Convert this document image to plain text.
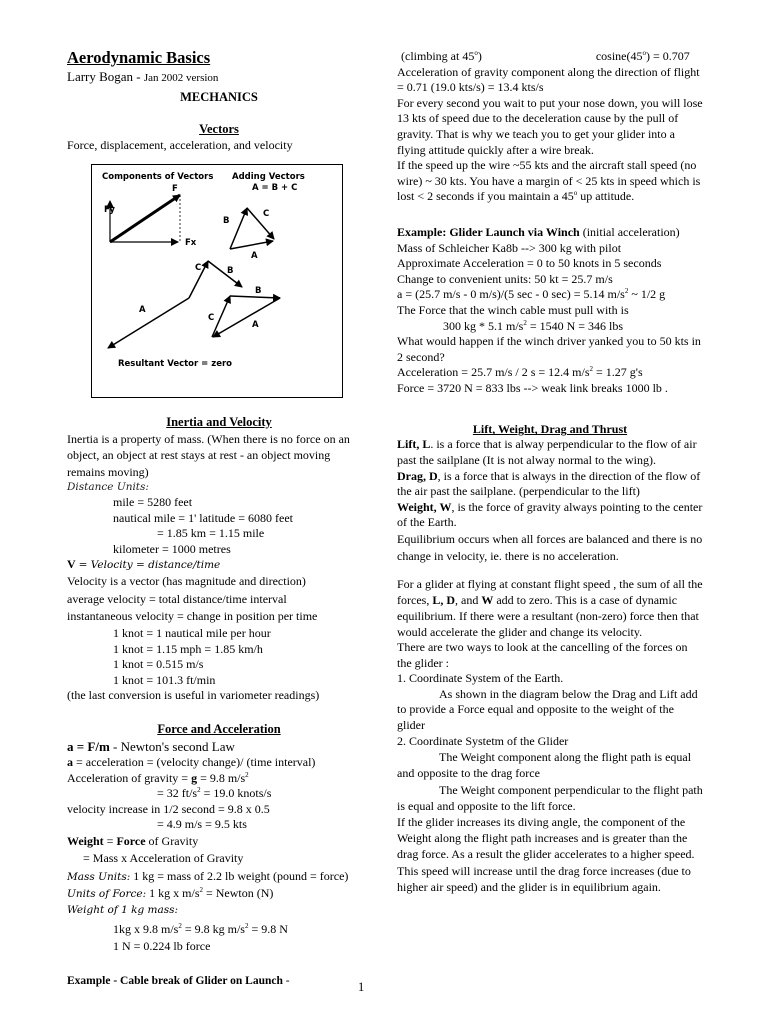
Aerodynamic Basics
Larry Bogan - Jan 2002 version
MECHANICS
Vectors
Force, displacement, acceleration, and velocity
Components of Vectors Adding Vectors
A = B + C
F
Fy
Fx
B
C
A
A
C	B
C
B
A
Resultant Vector = zero
Inertia and Velocity
Inertia is a property of mass. (When there is no force on an object, an object at rest stays at rest - an object moving remains moving)
Distance Units:
mile = 5280 feet
nautical mile = 1' latitude = 6080 feet
= 1.85 km = 1.15 mile
kilometer = 1000 metres
V = Velocity = distance/time
Velocity is a vector (has magnitude and direction)
average velocity = total distance/time interval
instantaneous velocity = change in position per time
1 knot = 1 nautical mile per hour
1 knot = 1.15 mph = 1.85 km/h
1 knot = 0.515 m/s
1 knot = 101.3 ft/min
(the last conversion is useful in variometer readings)
Force and Acceleration
a = F/m - Newton's second Law
a = acceleration = (velocity change)/ (time interval)
Acceleration of gravity = g = 9.8 $m/s^2$
= 32 $ft/s^2 = 19.0$ knots/s
velocity increase in 1/2 second = 9.8 x 0.5
= 4.9 m/s = 9.5 kts
Weight = Force of Gravity
= Mass x Acceleration of Gravity
Mass Units: 1 kg = mass of 2.2 lb weight (pound = force)
Units of Force: 1 kg x $m/s^2$ = Newton (N)
Weight of 1 kg mass:
1kg x 9.8 $m/s^2 = 9.8$ kg $m/s^2 = 9.8$ N
1 N = 0.224 lb force
Example - Cable break of Glider on Launch -
(climbing at 45$^o$)	$cosine(45^o) = 0.707$
Acceleration of gravity component along the direction of flight = 0.71 (19.0 kts/s) = 13.4 kts/s
For every second you wait to put your nose down, you will lose 13 kts of speed due to the deceleration cause by the pull of gravity. That is why we teach you to get your glider into a flying attitude quickly after a wire break.
If the speed up the wire ~55 kts and the aircraft stall speed (no wire) ~ 30 kts. You have a margin of < 25 kts in speed which is lost < 2 seconds if you maintain a 45$^o$ up attitude.
Example: Glider Launch via Winch (initial acceleration)
Mass of Schleicher Ka8b --> 300 kg with pilot
Approximate Acceleration = 0 to 50 knots in 5 seconds
Change to convenient units: 50 kt = 25.7 m/s
a = (25.7 m/s - 0 m/s)/(5 sec - 0 sec) = 5.14 $m/s^2$ ~ 1/2 g
The Force that the winch cable must pull with is
300 kg * 5.1 $m/s^2 = 1540$ N = 346 lbs
What would happen if the winch driver yanked you to 50 kts in 2 second?
Acceleration = 25.7 m/s / 2 s = 12.4 $m/s^2 = 1.27$ g's
Force = 3720 N = 833 lbs --> weak link breaks 1000 lb .
Lift, Weight, Drag and Thrust
Lift, L. is a force that is alway perpendicular to the flow of air past the sailplane (It is not alway normal to the wing).
Drag, D, is a force that is always in the direction of the flow of the air past the sailplane. (perpendicular to the lift)
Weight, W, is the force of gravity always pointing to the center of the Earth.
Equilibrium occurs when all forces are balanced and there is no change in velocity, ie. there is no acceleration.
For a glider at flying at constant flight speed , the sum of all the forces, L, D, and W add to zero. This is a case of dynamic equilibrium. If there were a resultant (non-zero) force then that would accelerate the glider and change its velocity.
There are two ways to look at the cancelling of the forces on the glider :
1. Coordinate System of the Earth.
As shown in the diagram below the Drag and Lift add to provide a Force equal and opposite to the weight of the glider
2. Coordinate Systetm of the Glider
The Weight component along the flight path is equal and opposite to the drag force
The Weight component perpendicular to the flight path is equal and opposite to the lift force.
If the glider increases its diving angle, the component of the Weight along the flight path increases and is greater than the drag force. As a result the glider accelerates to a higher speed. This speed will increase until the drag force increases (due to higher air speed) and the glider is in equilibrium again.
1
